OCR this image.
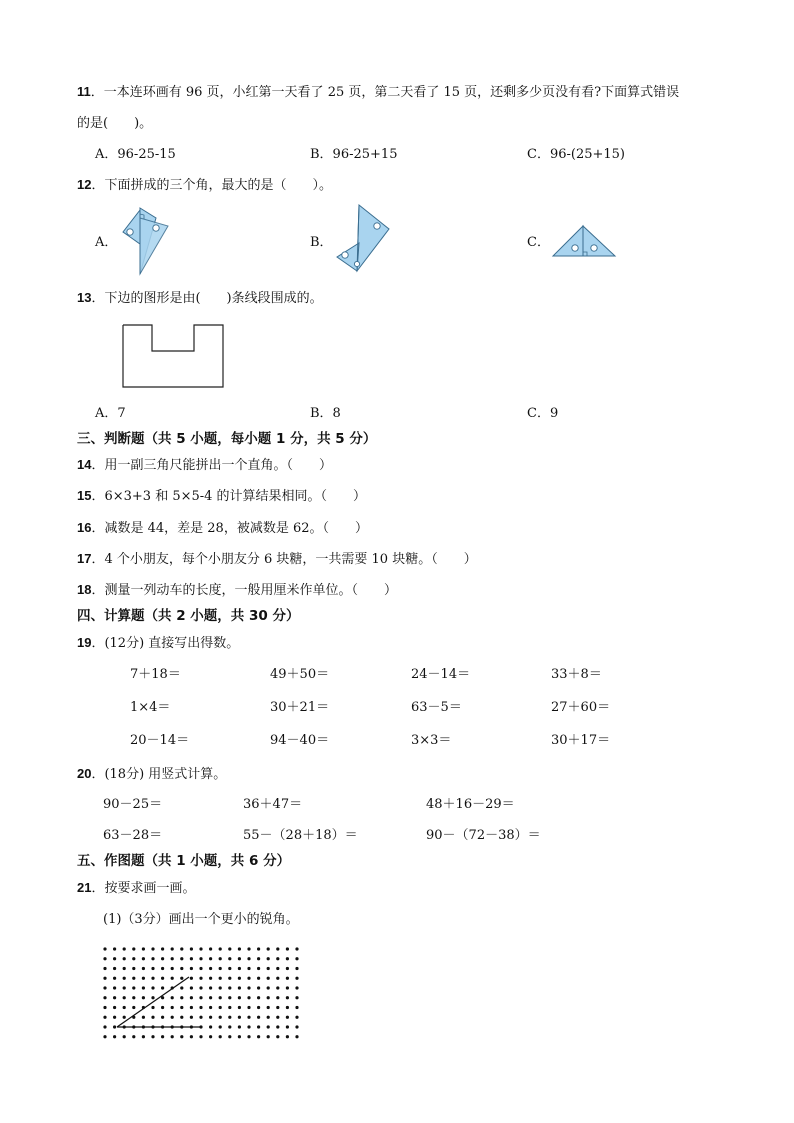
11．一本连环画有 96 页，小红第一天看了 25 页，第二天看了 15 页，还剩多少页没有看?下面算式错误
的是(　　)。
A．96-25-15	B．96-25+15	C．96-(25+15)
12．下面拼成的三个角，最大的是（　　）。
A．	B．	C．
13．下边的图形是由(　　)条线段围成的。
A．7	B．8	C．9
三、判断题（共 5 小题，每小题 1 分，共 5 分）
14．用一副三角尺能拼出一个直角。（　　）
15．6×3+3 和 5×5-4 的计算结果相同。（　　）
16．减数是 44，差是 28，被减数是 62。（　　）
17．4 个小朋友，每个小朋友分 6 块糖，一共需要 10 块糖。（　　）
18．测量一列动车的长度，一般用厘米作单位。（　　）
四、计算题（共 2 小题，共 30 分）
19．(12分) 直接写出得数。
7＋18＝	49＋50＝	24－14＝	33＋8＝
1×4＝	30＋21＝	63－5＝	27＋60＝
20－14＝	94－40＝	3×3＝	30＋17＝
20．(18分) 用竖式计算。
90－25＝	36＋47＝	48＋16－29＝
63－28＝	55－（28＋18）＝	90－（72－38）＝
五、作图题（共 1 小题，共 6 分）
21．按要求画一画。
(1)（3分）画出一个更小的锐角。
